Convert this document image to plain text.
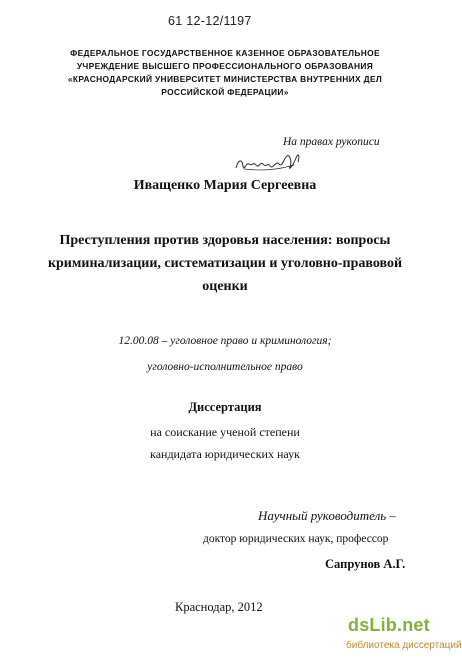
61 12-12/1197
ФЕДЕРАЛЬНОЕ ГОСУДАРСТВЕННОЕ КАЗЕННОЕ ОБРАЗОВАТЕЛЬНОЕ
УЧРЕЖДЕНИЕ ВЫСШЕГО ПРОФЕССИОНАЛЬНОГО ОБРАЗОВАНИЯ
«КРАСНОДАРСКИЙ УНИВЕРСИТЕТ МИНИСТЕРСТВА ВНУТРЕННИХ ДЕЛ
РОССИЙСКОЙ ФЕДЕРАЦИИ»
На правах рукописи
Иващенко Мария Сергеевна
Преступления против здоровья населения: вопросы
криминализации, систематизации и уголовно-правовой
оценки
12.00.08 – уголовное право и криминология;
уголовно-исполнительное право
Диссертация
на соискание ученой степени
кандидата юридических наук
Научный руководитель –
доктор юридических наук, профессор
Сапрунов А.Г.
Краснодар, 2012
dsLib.net
библиотека диссертаций
